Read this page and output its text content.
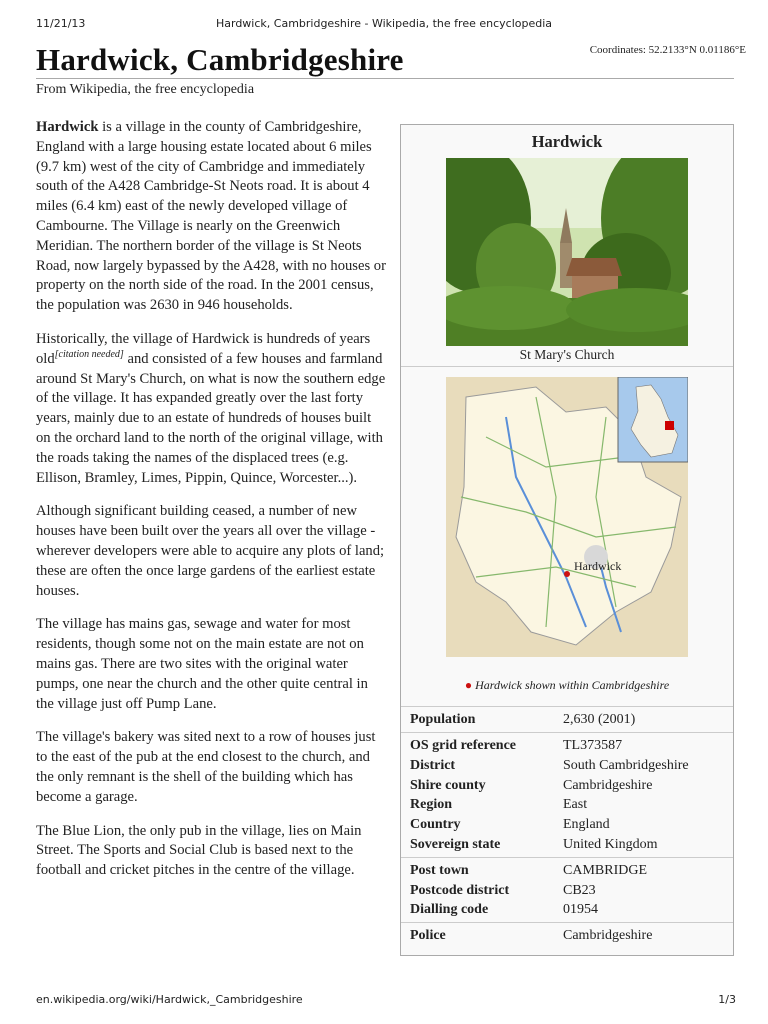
11/21/13	Hardwick, Cambridgeshire - Wikipedia, the free encyclopedia
Coordinates: 52.2133°N 0.01186°E
Hardwick, Cambridgeshire
From Wikipedia, the free encyclopedia

Hardwick is a village in the county of Cambridgeshire, England with a large housing estate located about 6 miles (9.7 km) west of the city of Cambridge and immediately south of the A428 Cambridge-St Neots road. It is about 4 miles (6.4 km) east of the newly developed village of Cambourne. The Village is nearly on the Greenwich Meridian. The northern border of the village is St Neots Road, now largely bypassed by the A428, with no houses or property on the north side of the road. In the 2001 census, the population was 2630 in 946 households.

Historically, the village of Hardwick is hundreds of years old[citation needed] and consisted of a few houses and farmland around St Mary's Church, on what is now the southern edge of the village. It has expanded greatly over the last forty years, mainly due to an estate of hundreds of houses built on the orchard land to the north of the original village, with the roads taking the names of the displaced trees (e.g. Ellison, Bramley, Limes, Pippin, Quince, Worcester...).

Although significant building ceased, a number of new houses have been built over the years all over the village - wherever developers were able to acquire any plots of land; these are often the once large gardens of the earliest estate houses.

The village has mains gas, sewage and water for most residents, though some not on the main estate are not on mains gas. There are two sites with the original water pumps, one near the church and the other quite central in the village just off Pump Lane.

The village's bakery was sited next to a row of houses just to the east of the pub at the end closest to the church, and the only remnant is the shell of the building which has become a garage.

The Blue Lion, the only pub in the village, lies on Main Street. The Sports and Social Club is based next to the football and cricket pitches in the centre of the village.

Hardwick
St Mary's Church
Hardwick
● Hardwick shown within Cambridgeshire
Population	2,630 (2001)
OS grid reference	TL373587
District	South Cambridgeshire
Shire county	Cambridgeshire
Region	East
Country	England
Sovereign state	United Kingdom
Post town	CAMBRIDGE
Postcode district	CB23
Dialling code	01954
Police	Cambridgeshire
en.wikipedia.org/wiki/Hardwick,_Cambridgeshire	1/3
